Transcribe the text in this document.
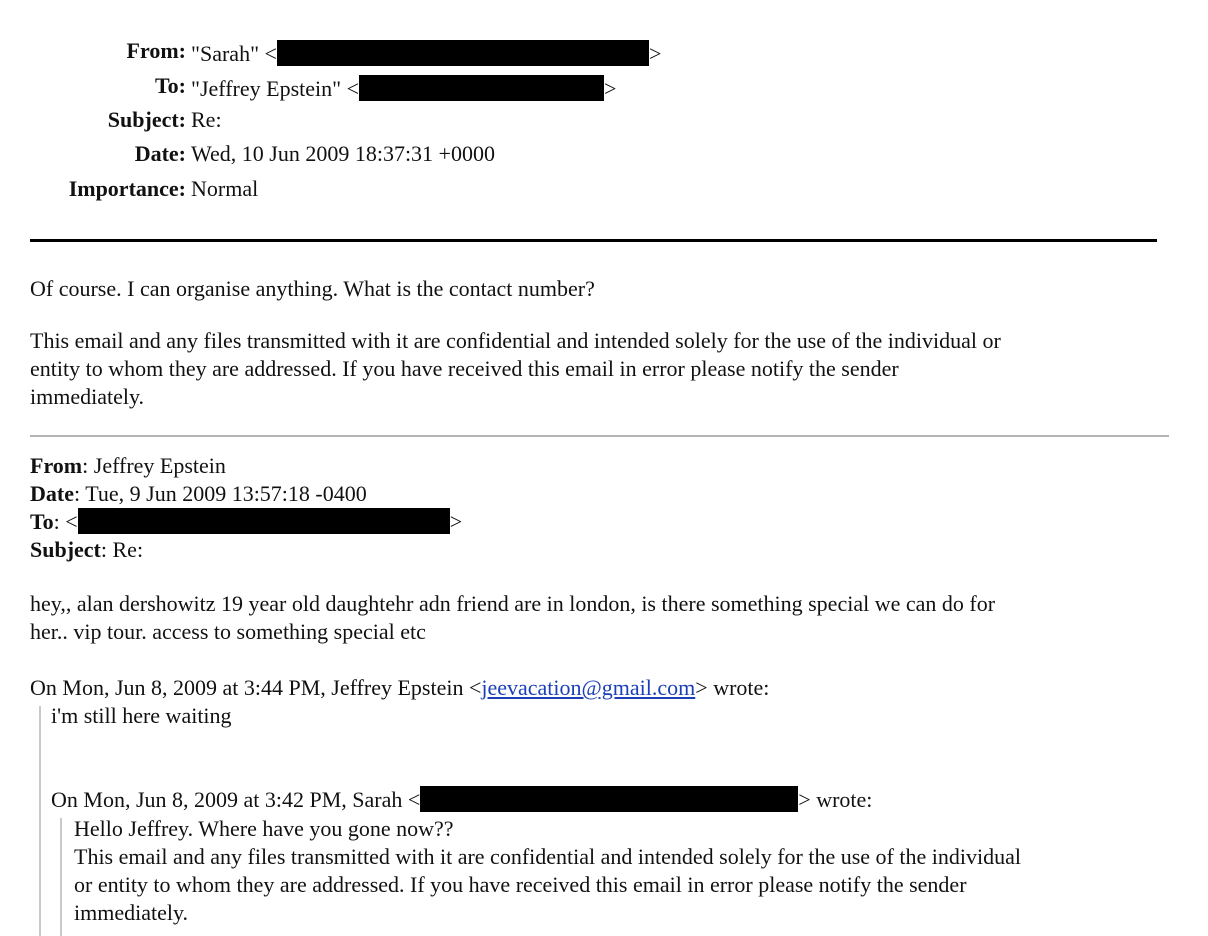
From: "Sarah" <	>
To: "Jeffrey Epstein" <	>
Subject: Re:
Date: Wed, 10 Jun 2009 18:37:31 +0000
Importance: Normal
Of course. I can organise anything. What is the contact number?
This email and any files transmitted with it are confidential and intended solely for the use of the individual or
entity to whom they are addressed. If you have received this email in error please notify the sender
immediately.
From: Jeffrey Epstein
Date: Tue, 9 Jun 2009 13:57:18 -0400
To: <	>
Subject: Re:
hey,, alan dershowitz 19 year old daughtehr adn friend are in london, is there something special we can do for
her.. vip tour. access to something special etc
On Mon, Jun 8, 2009 at 3:44 PM, Jeffrey Epstein <jeevacation@gmail.com> wrote:
i'm still here waiting
On Mon, Jun 8, 2009 at 3:42 PM, Sarah <	> wrote:
Hello Jeffrey. Where have you gone now??
This email and any files transmitted with it are confidential and intended solely for the use of the individual
or entity to whom they are addressed. If you have received this email in error please notify the sender
immediately.
